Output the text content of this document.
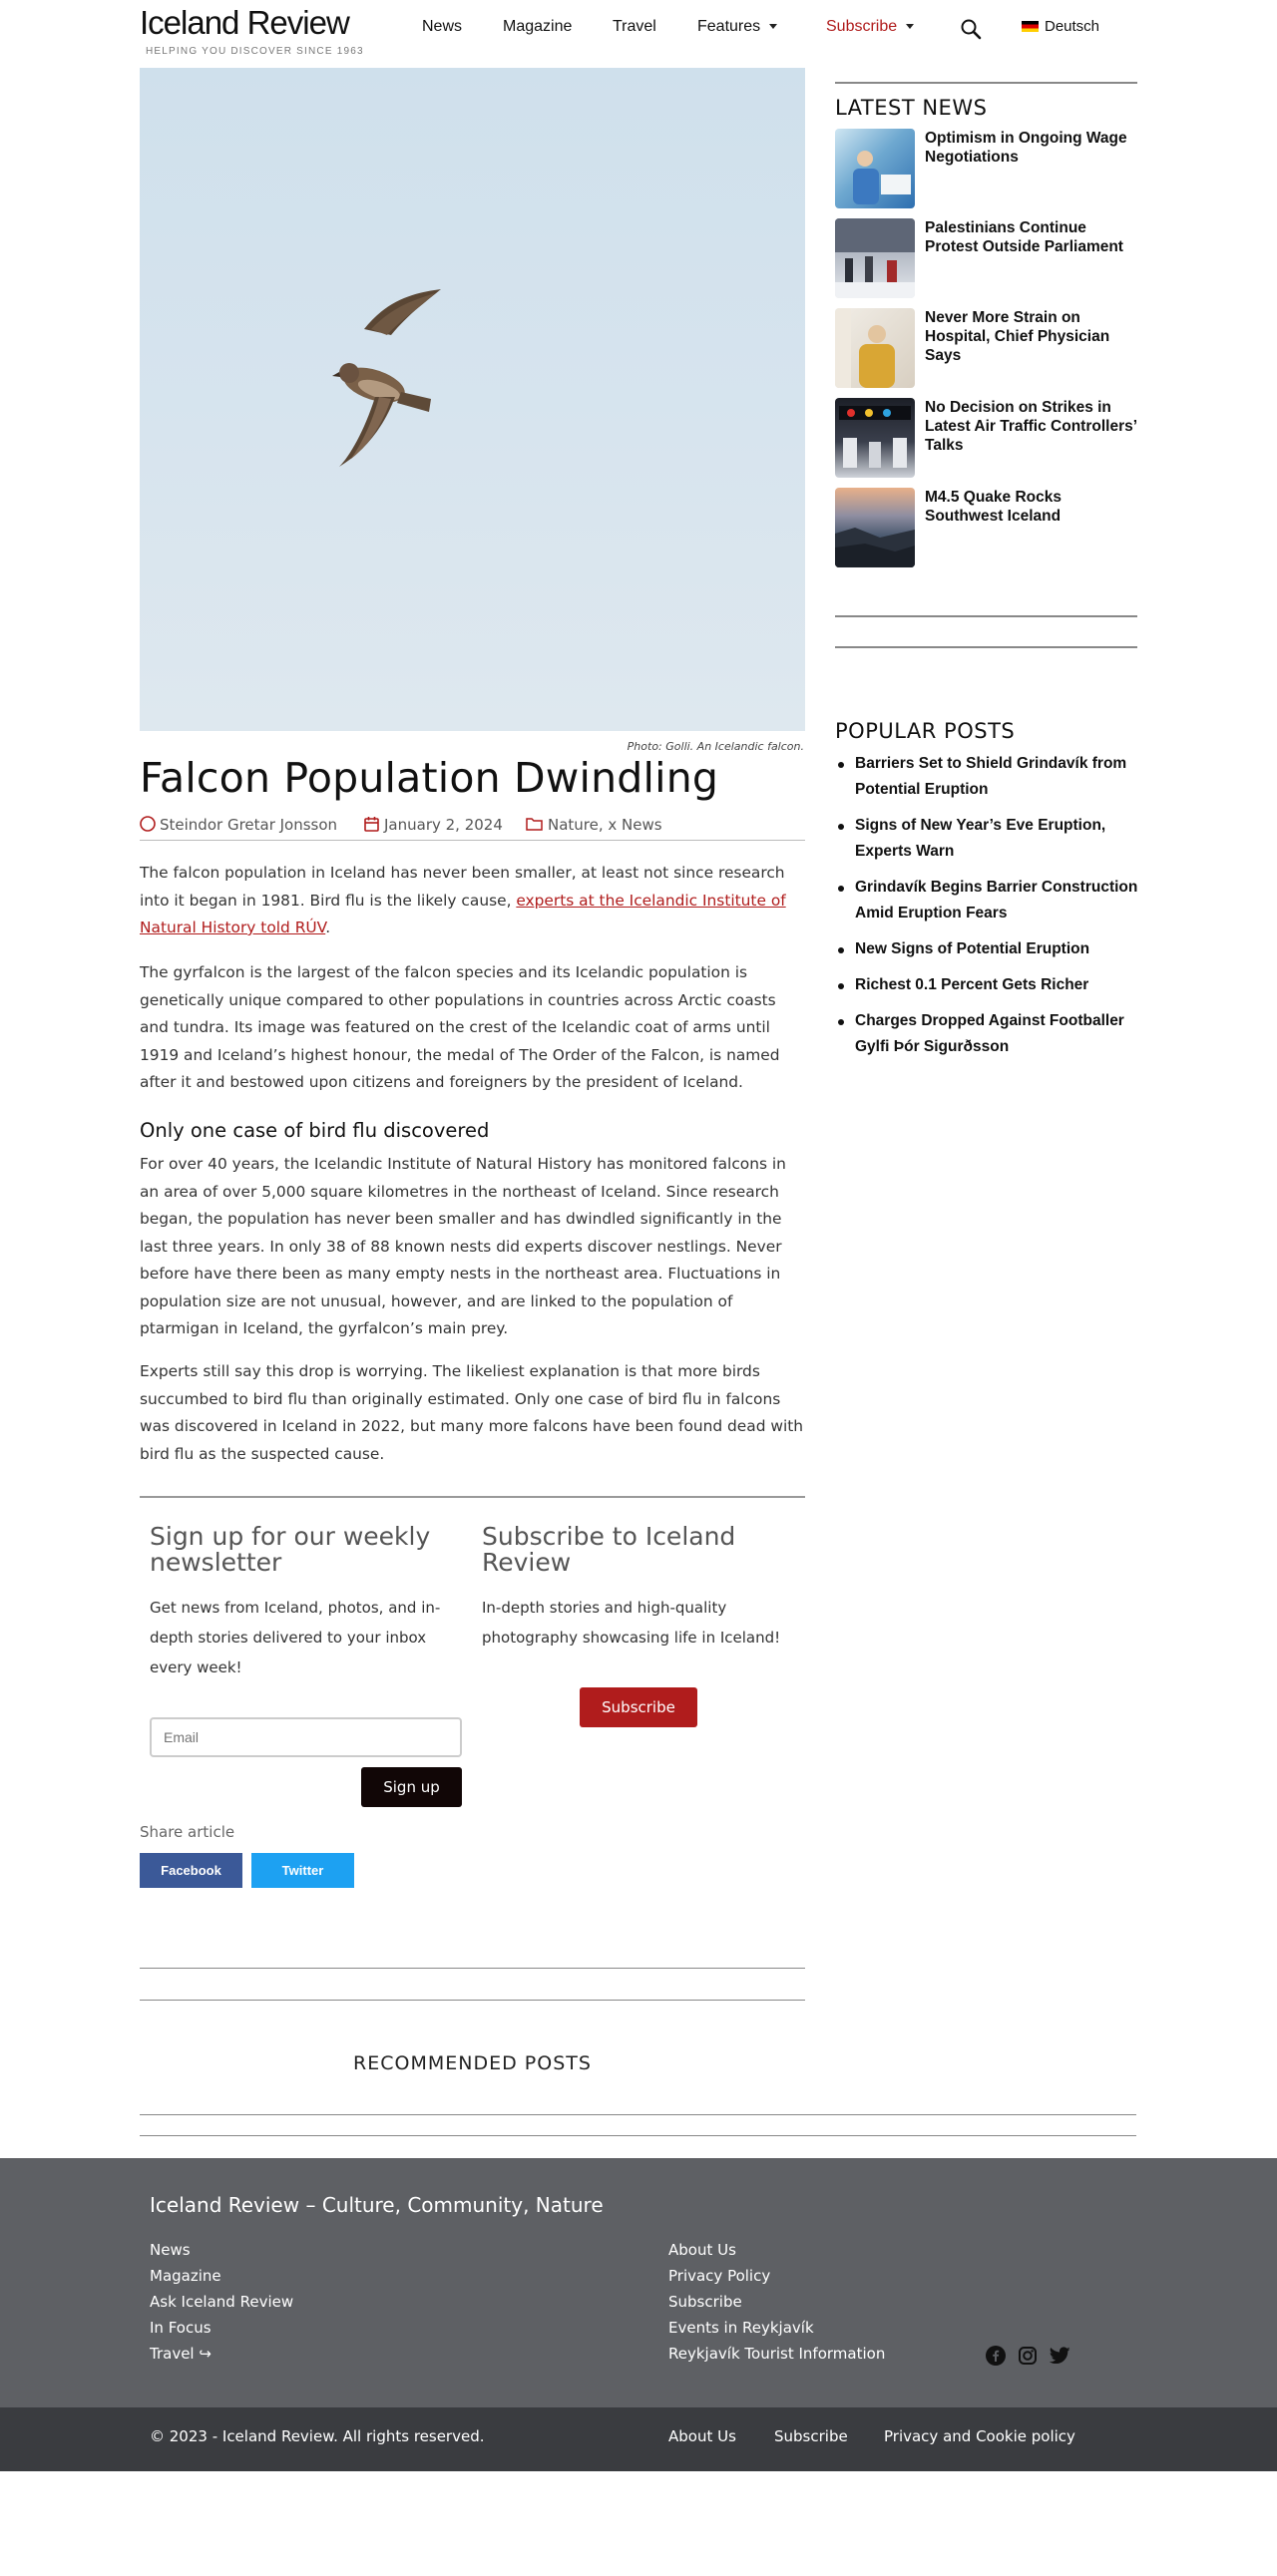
Iceland Review
HELPING YOU DISCOVER SINCE 1963
News	Magazine	Travel	Features	Subscribe	Deutsch
Photo: Golli. An Icelandic falcon.
Falcon Population Dwindling
Steindor Gretar Jonsson	January 2, 2024	Nature, x News

The falcon population in Iceland has never been smaller, at least not since research into it began in 1981. Bird flu is the likely cause, experts at the Icelandic Institute of Natural History told RÚV.

The gyrfalcon is the largest of the falcon species and its Icelandic population is genetically unique compared to other populations in countries across Arctic coasts and tundra. Its image was featured on the crest of the Icelandic coat of arms until 1919 and Iceland’s highest honour, the medal of The Order of the Falcon, is named after it and bestowed upon citizens and foreigners by the president of Iceland.

Only one case of bird flu discovered

For over 40 years, the Icelandic Institute of Natural History has monitored falcons in an area of over 5,000 square kilometres in the northeast of Iceland. Since research began, the population has never been smaller and has dwindled significantly in the last three years. In only 38 of 88 known nests did experts discover nestlings. Never before have there been as many empty nests in the northeast area. Fluctuations in population size are not unusual, however, and are linked to the population of ptarmigan in Iceland, the gyrfalcon’s main prey.

Experts still say this drop is worrying. The likeliest explanation is that more birds succumbed to bird flu than originally estimated. Only one case of bird flu in falcons was discovered in Iceland in 2022, but many more falcons have been found dead with bird flu as the suspected cause.

Sign up for our weekly newsletter
Get news from Iceland, photos, and in-depth stories delivered to your inbox every week!
Email
Sign up
Subscribe to Iceland Review
In-depth stories and high-quality photography showcasing life in Iceland!
Subscribe
Share article
Facebook	Twitter
RECOMMENDED POSTS
LATEST NEWS
Optimism in Ongoing Wage Negotiations
Palestinians Continue Protest Outside Parliament
Never More Strain on Hospital, Chief Physician Says
No Decision on Strikes in Latest Air Traffic Controllers’ Talks
M4.5 Quake Rocks Southwest Iceland
POPULAR POSTS
Barriers Set to Shield Grindavík from Potential Eruption
Signs of New Year’s Eve Eruption, Experts Warn
Grindavík Begins Barrier Construction Amid Eruption Fears
New Signs of Potential Eruption
Richest 0.1 Percent Gets Richer
Charges Dropped Against Footballer Gylfi Þór Sigurðsson
Iceland Review – Culture, Community, Nature
News
Magazine
Ask Iceland Review
In Focus
Travel ↪
About Us
Privacy Policy
Subscribe
Events in Reykjavík
Reykjavík Tourist Information
© 2023 - Iceland Review. All rights reserved.	About Us	Subscribe Privacy and Cookie policy
